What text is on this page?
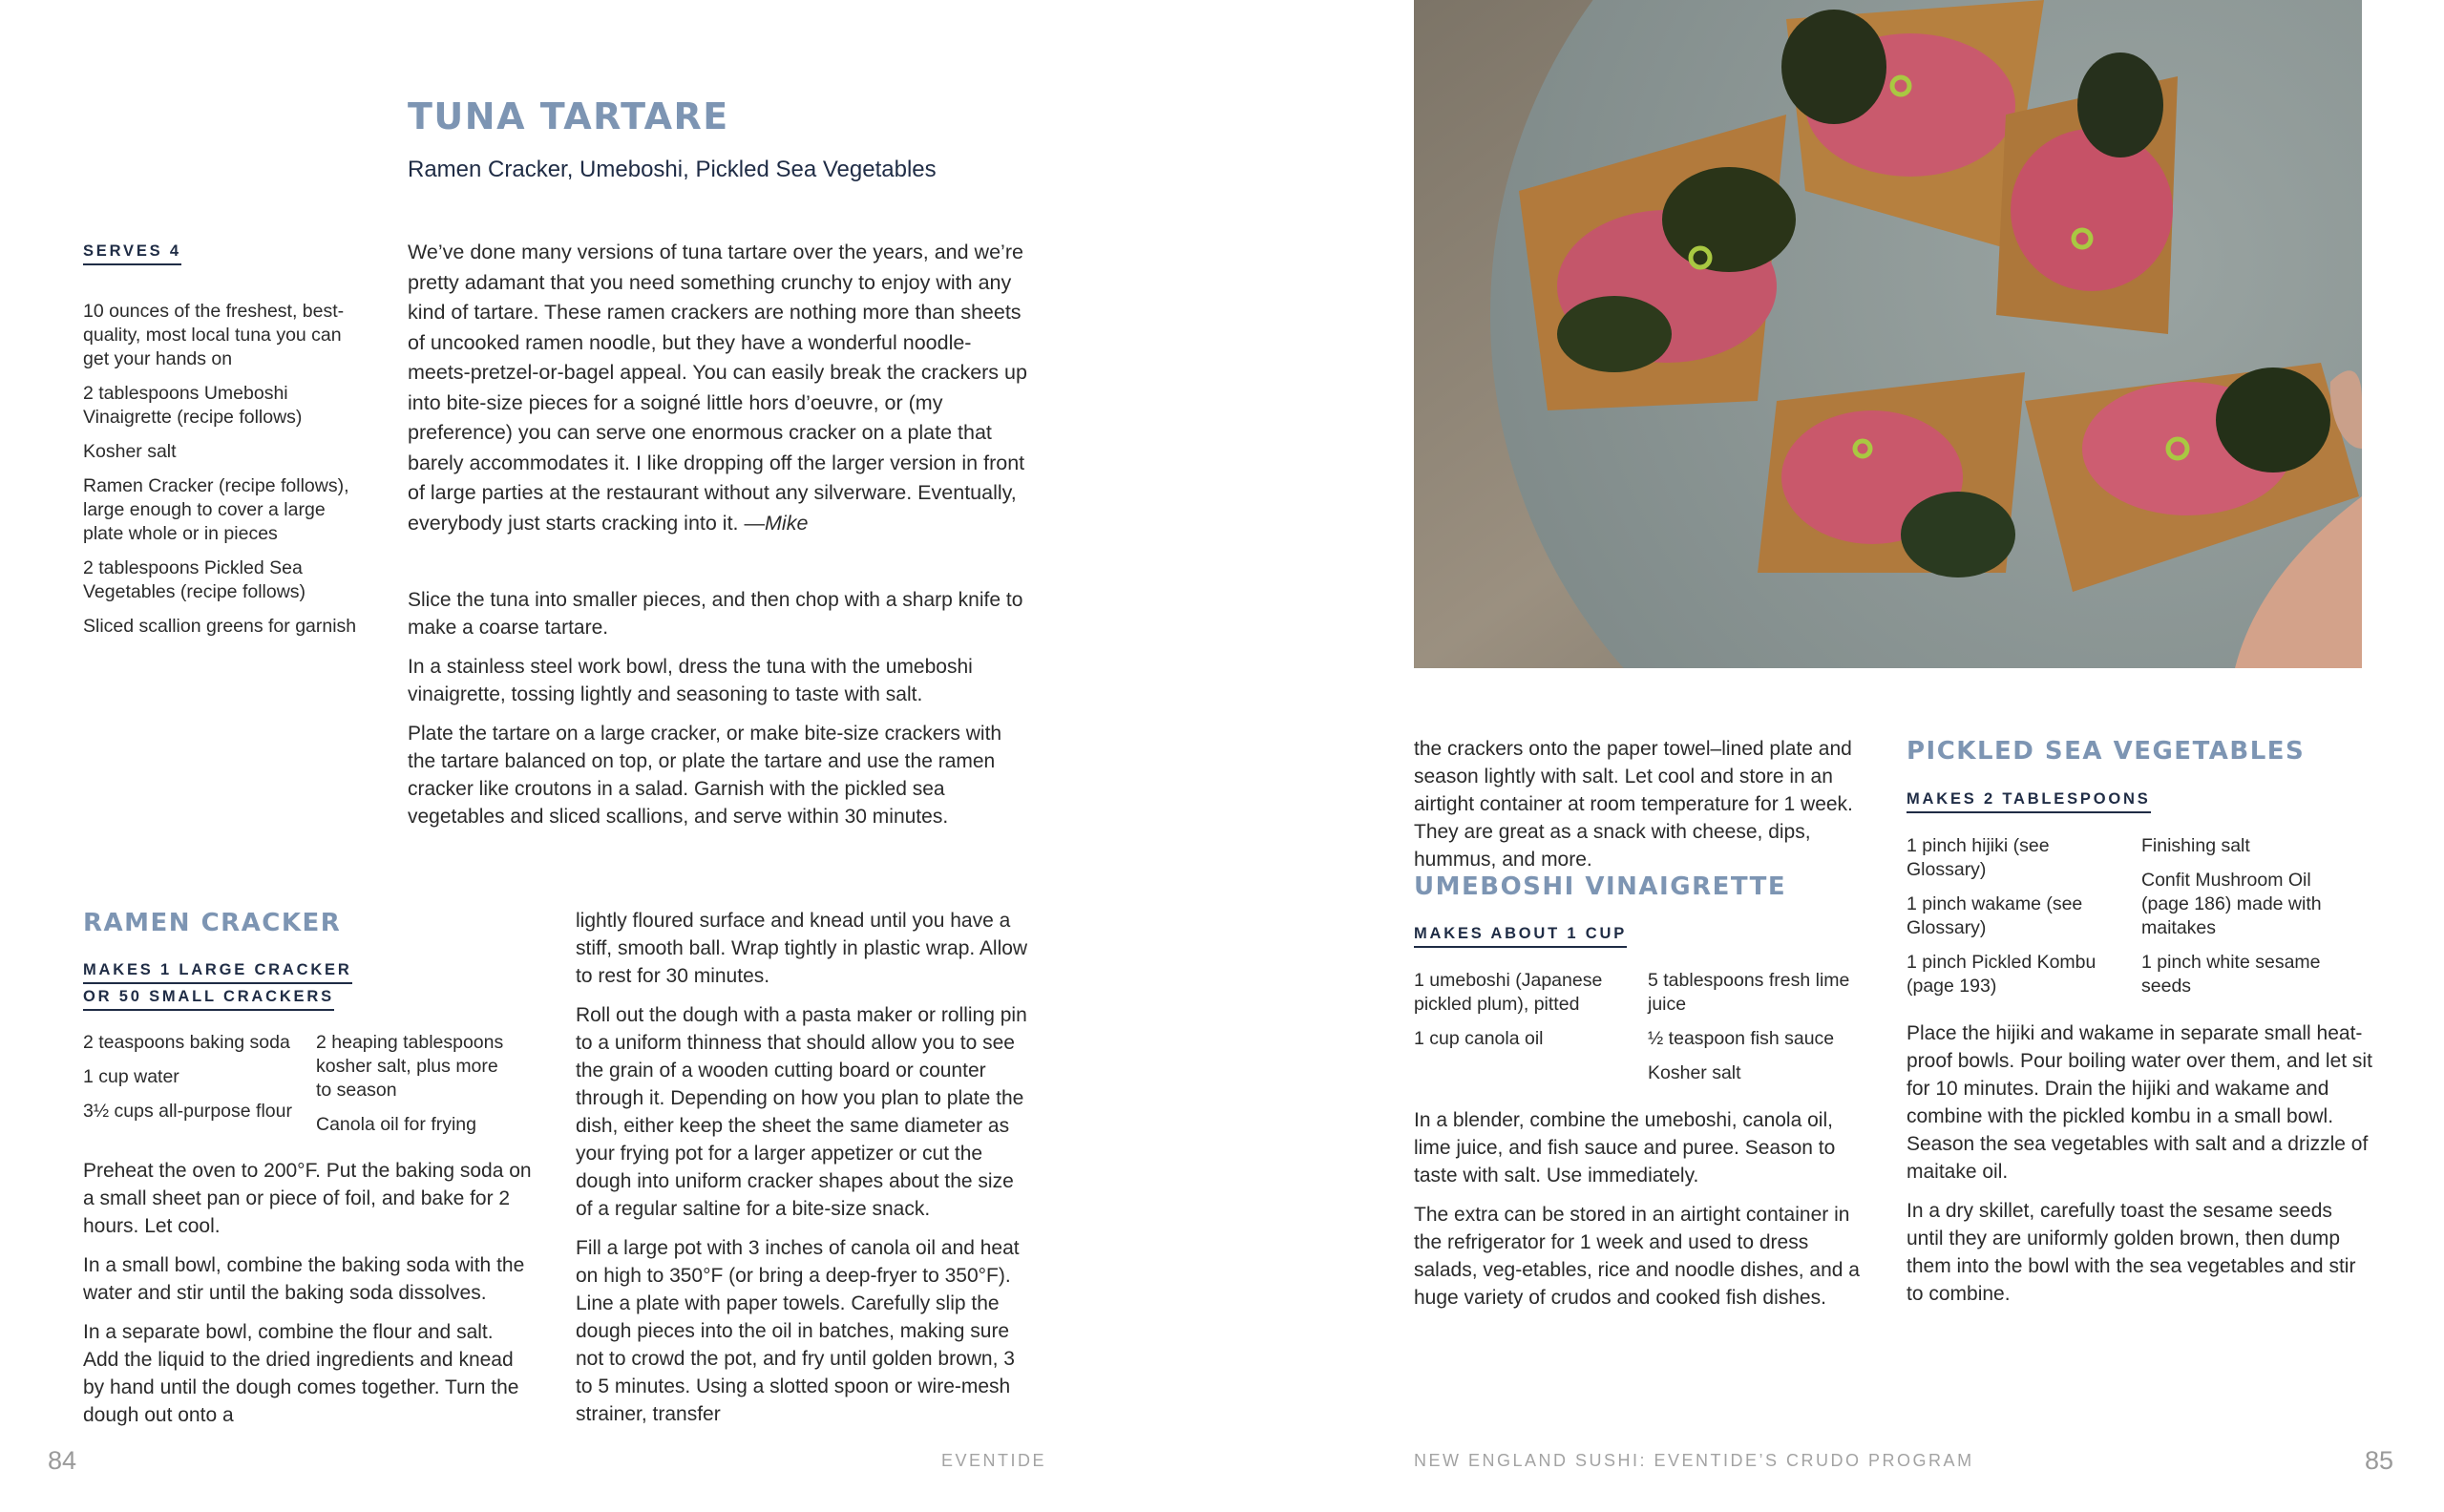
TUNA TARTARE
Ramen Cracker, Umeboshi, Pickled Sea Vegetables
SERVES 4
10 ounces of the freshest, best-quality, most local tuna you can get your hands on
2 tablespoons Umeboshi Vinaigrette (recipe follows)
Kosher salt
Ramen Cracker (recipe follows), large enough to cover a large plate whole or in pieces
2 tablespoons Pickled Sea Vegetables (recipe follows)
Sliced scallion greens for garnish
We’ve done many versions of tuna tartare over the years, and we’re pretty adamant that you need something crunchy to enjoy with any kind of tartare. These ramen crackers are nothing more than sheets of uncooked ramen noodle, but they have a wonderful noodle-meets-pretzel-or-bagel appeal. You can easily break the crackers up into bite-size pieces for a soigné little hors d’oeuvre, or (my preference) you can serve one enormous cracker on a plate that barely accommodates it. I like dropping off the larger version in front of large parties at the restaurant without any silverware. Eventually, everybody just starts cracking into it. —Mike

Slice the tuna into smaller pieces, and then chop with a sharp knife to make a coarse tartare.

In a stainless steel work bowl, dress the tuna with the umeboshi vinaigrette, tossing lightly and seasoning to taste with salt.

Plate the tartare on a large cracker, or make bite-size crackers with the tartare balanced on top, or plate the tartare and use the ramen cracker like croutons in a salad. Garnish with the pickled sea vegetables and sliced scallions, and serve within 30 minutes.

RAMEN CRACKER
MAKES 1 LARGE CRACKER
OR 50 SMALL CRACKERS
2 teaspoons baking soda
1 cup water
3½ cups all-purpose flour
2 heaping tablespoons kosher salt, plus more to season
Canola oil for frying

Preheat the oven to 200°F. Put the baking soda on a small sheet pan or piece of foil, and bake for 2 hours. Let cool.

In a small bowl, combine the baking soda with the water and stir until the baking soda dissolves.

In a separate bowl, combine the flour and salt. Add the liquid to the dried ingredients and knead by hand until the dough comes together. Turn the dough out onto a

lightly floured surface and knead until you have a stiff, smooth ball. Wrap tightly in plastic wrap. Allow to rest for 30 minutes.

Roll out the dough with a pasta maker or rolling pin to a uniform thinness that should allow you to see the grain of a wooden cutting board or counter through it. Depending on how you plan to plate the dish, either keep the sheet the same diameter as your frying pot for a larger appetizer or cut the dough into uniform cracker shapes about the size of a regular saltine for a bite-size snack.

Fill a large pot with 3 inches of canola oil and heat on high to 350°F (or bring a deep-fryer to 350°F). Line a plate with paper towels. Carefully slip the dough pieces into the oil in batches, making sure not to crowd the pot, and fry until golden brown, 3 to 5 minutes. Using a slotted spoon or wire-mesh strainer, transfer

84	EVENTIDE

the crackers onto the paper towel–lined plate and season lightly with salt. Let cool and store in an airtight container at room temperature for 1 week. They are great as a snack with cheese, dips, hummus, and more.

UMEBOSHI VINAIGRETTE
MAKES ABOUT 1 CUP
1 umeboshi (Japanese pickled plum), pitted
1 cup canola oil
5 tablespoons fresh lime juice
½ teaspoon fish sauce
Kosher salt

In a blender, combine the umeboshi, canola oil, lime juice, and fish sauce and puree. Season to taste with salt. Use immediately.

The extra can be stored in an airtight container in the refrigerator for 1 week and used to dress salads, veg-etables, rice and noodle dishes, and a huge variety of crudos and cooked fish dishes.

PICKLED SEA VEGETABLES
MAKES 2 TABLESPOONS
1 pinch hijiki (see Glossary)
1 pinch wakame (see Glossary)
1 pinch Pickled Kombu (page 193)
Finishing salt
Confit Mushroom Oil (page 186) made with maitakes
1 pinch white sesame seeds

Place the hijiki and wakame in separate small heat-proof bowls. Pour boiling water over them, and let sit for 10 minutes. Drain the hijiki and wakame and combine with the pickled kombu in a small bowl. Season the sea vegetables with salt and a drizzle of maitake oil.

In a dry skillet, carefully toast the sesame seeds until they are uniformly golden brown, then dump them into the bowl with the sea vegetables and stir to combine.

NEW ENGLAND SUSHI: EVENTIDE’S CRUDO PROGRAM	85
